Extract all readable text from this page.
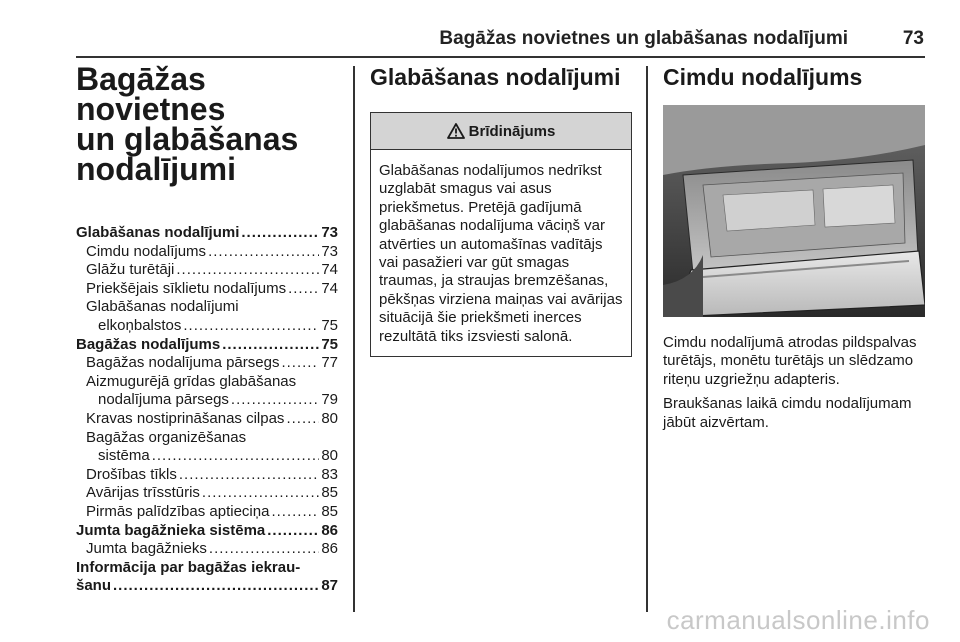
Bagāžas novietnes un glabāšanas nodalījumi	73
Bagāžas novietnes
un glabāšanas
nodalījumi
Glabāšanas nodalījumi .....	73
Cimdu nodalījums .....	73
Glāžu turētāji .....	74
Priekšējais sīklietu nodalījums ..... 74
Glabāšanas nodalījumi
elkoņbalstos .....	75
Bagāžas nodalījums .....	75
Bagāžas nodalījuma pārsegs .....	77
Aizmugurējā grīdas glabāšanas
nodalījuma pārsegs .....	79
Kravas nostiprināšanas cilpas ..... 80
Bagāžas organizēšanas
sistēma .....	80
Drošības tīkls .....	83
Avārijas trīsstūris .....	85
Pirmās palīdzības aptieciņa .....	85
Jumta bagāžnieka sistēma .....	86
Jumta bagāžnieks .....	86
Informācija par bagāžas iekrau-
šanu .....	87
Glabāšanas nodalījumi
Brīdinājums

Glabāšanas nodalījumos nedrīkst uzglabāt smagus vai asus priekšmetus. Pretējā gadījumā glabāšanas nodalījuma vāciņš var atvērties un automašīnas vadītājs vai pasažieri var gūt smagas traumas, ja straujas bremzēšanas, pēkšņas virziena maiņas vai avārijas situācijā šie priekšmeti inerces rezultātā tiks izsviesti salonā.

Cimdu nodalījums

Cimdu nodalījumā atrodas pildspalvas turētājs, monētu turētājs un slēdzamo riteņu uzgriežņu adapteris.

Braukšanas laikā cimdu nodalījumam jābūt aizvērtam.

carmanualsonline.info
